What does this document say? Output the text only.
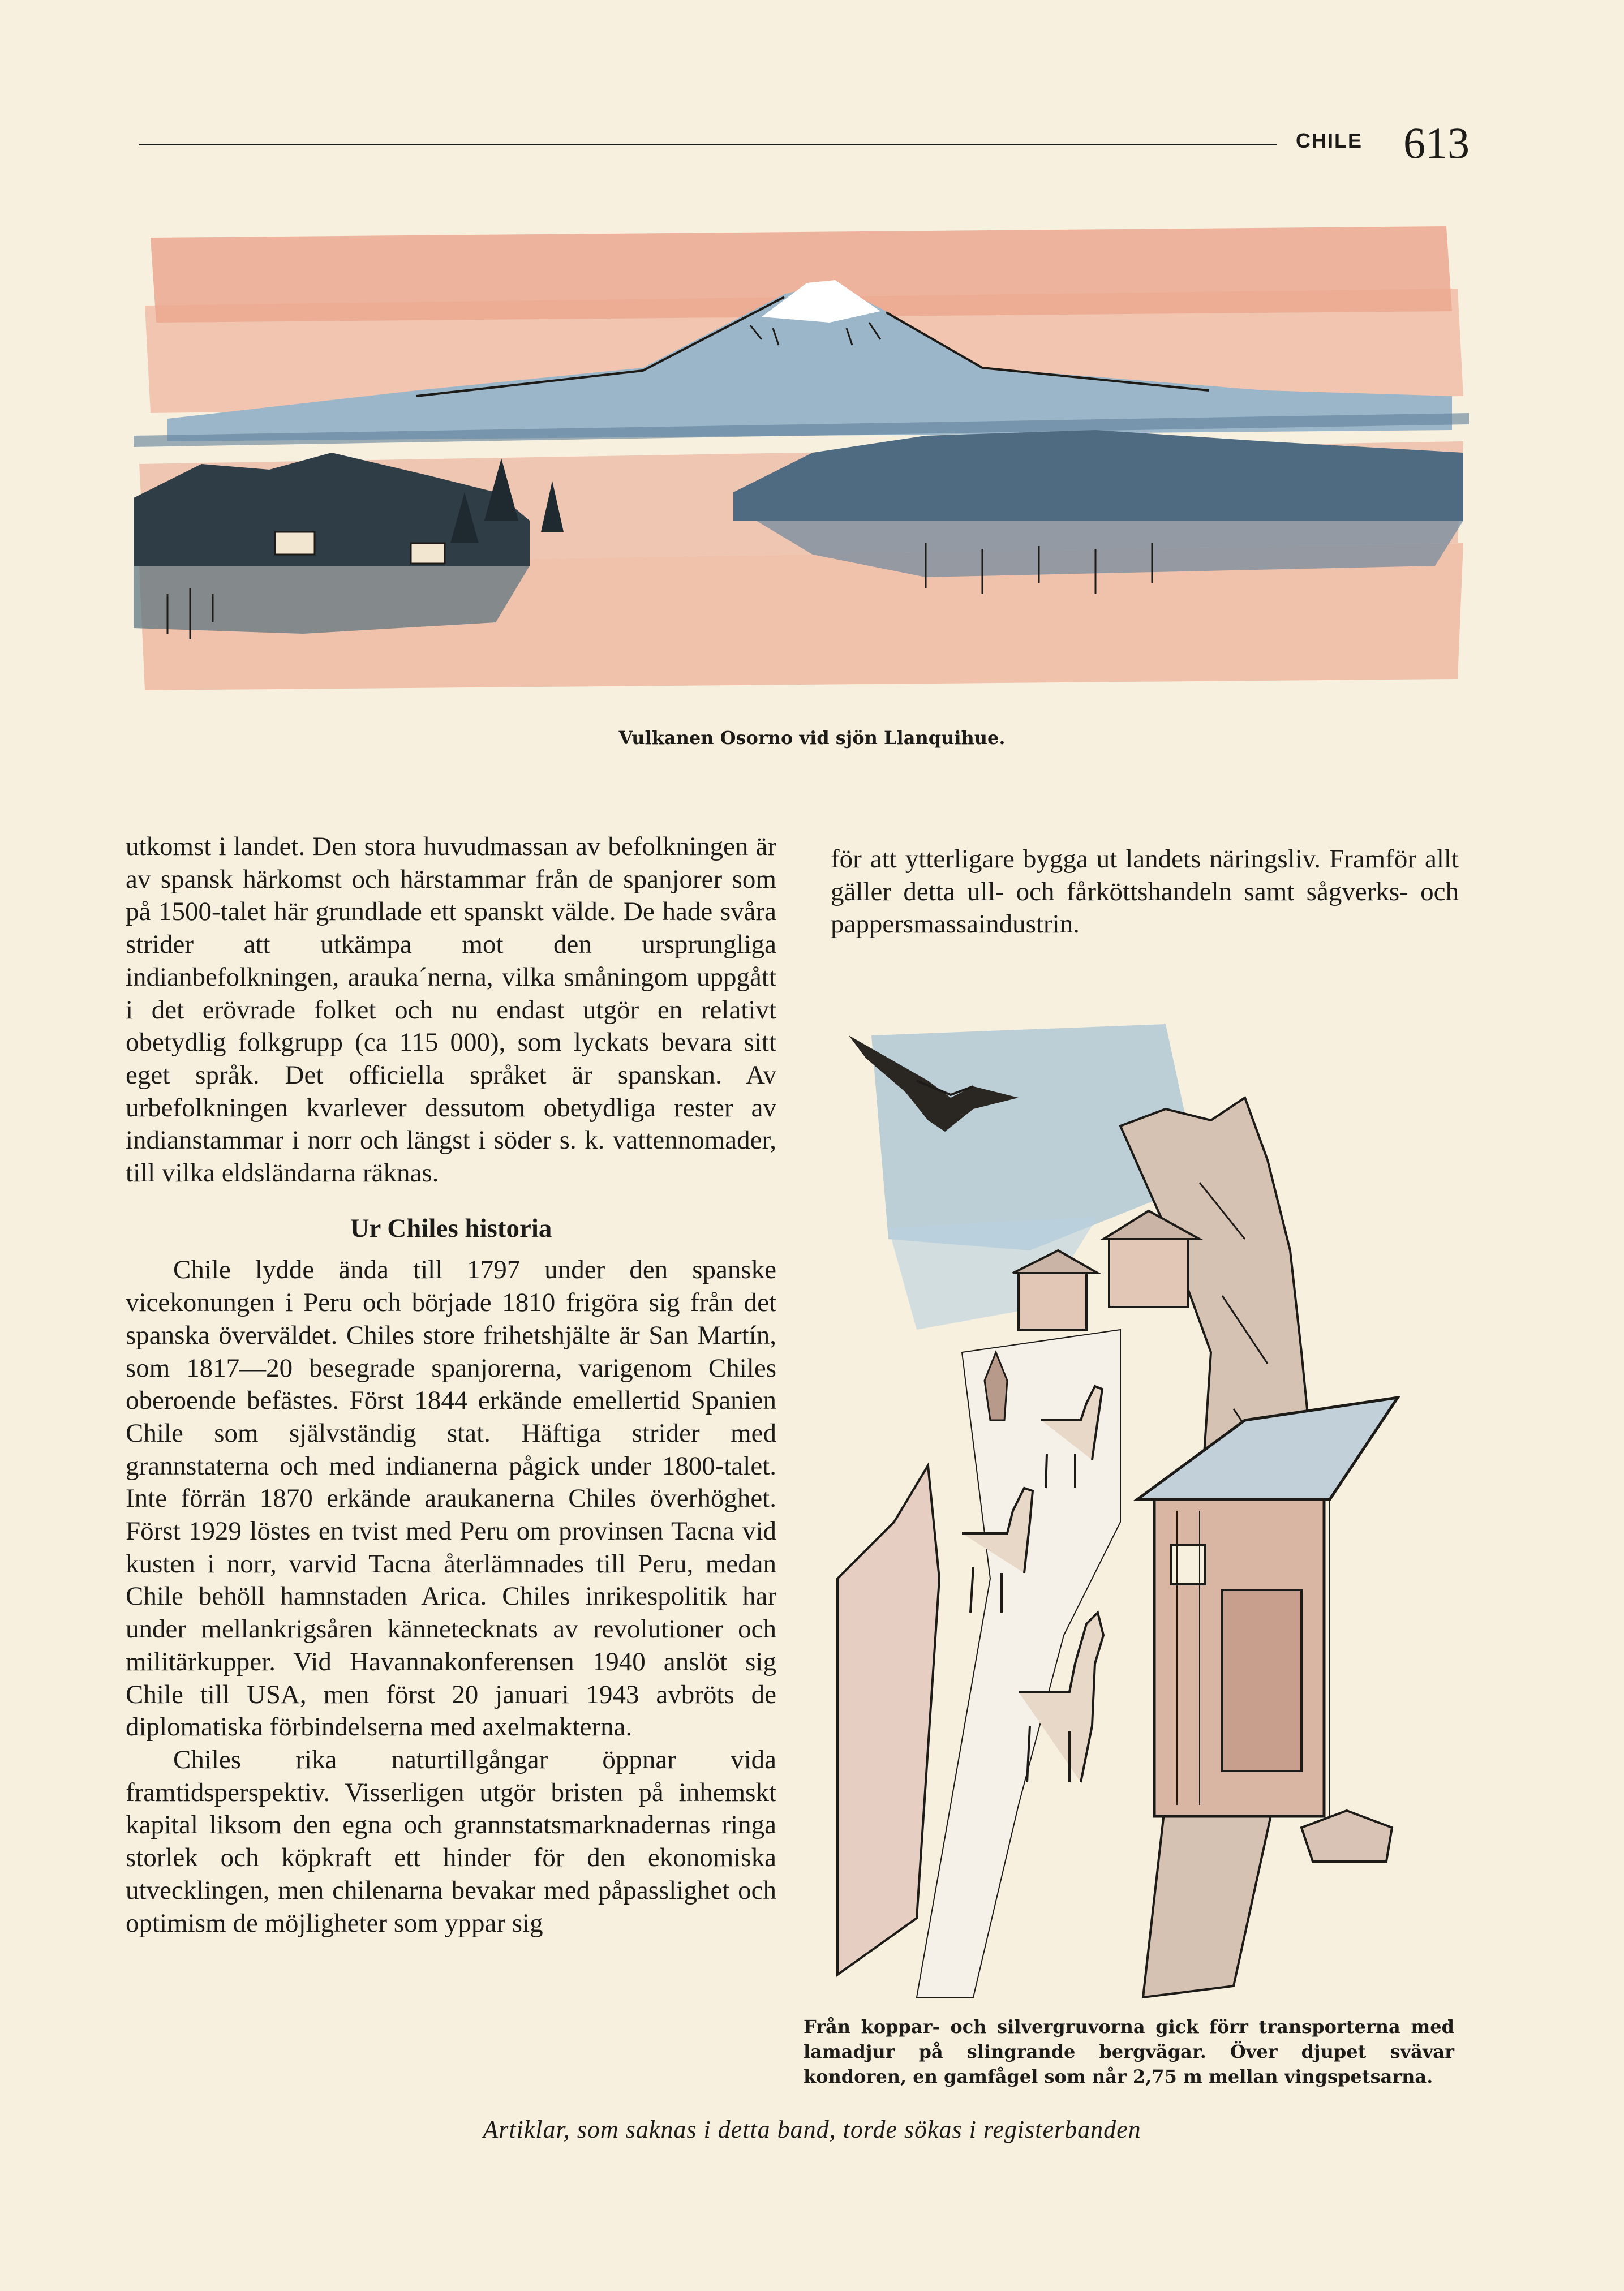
CHILE 613
Vulkanen Osorno vid sjön Llanquihue.

utkomst i landet. Den stora huvudmassan av befolkningen är av spansk härkomst och härstammar från de spanjorer som på 1500-talet här grundlade ett spanskt välde. De hade svåra strider att utkämpa mot den ursprungliga indianbefolkningen, arauka´nerna, vilka småningom uppgått i det erövrade folket och nu endast utgör en relativt obetydlig folkgrupp (ca 115 000), som lyckats bevara sitt eget språk. Det officiella språket är spanskan. Av urbefolkningen kvarlever dessutom obetydliga rester av indianstammar i norr och längst i söder s. k. vattennomader, till vilka eldsländarna räknas.

Ur Chiles historia

Chile lydde ända till 1797 under den spanske vicekonungen i Peru och började 1810 frigöra sig från det spanska överväldet. Chiles store frihetshjälte är San Martín, som 1817—20 besegrade spanjorerna, varigenom Chiles oberoende befästes. Först 1844 erkände emellertid Spanien Chile som självständig stat. Häftiga strider med grannstaterna och med indianerna pågick under 1800-talet. Inte förrän 1870 erkände araukanerna Chiles överhöghet. Först 1929 löstes en tvist med Peru om provinsen Tacna vid kusten i norr, varvid Tacna återlämnades till Peru, medan Chile behöll hamnstaden Arica. Chiles inrikespolitik har under mellankrigsåren kännetecknats av revolutioner och militärkupper. Vid Havannakonferensen 1940 anslöt sig Chile till USA, men först 20 januari 1943 avbröts de diplomatiska förbindelserna med axelmakterna.

Chiles rika naturtillgångar öppnar vida framtidsperspektiv. Visserligen utgör bristen på inhemskt kapital liksom den egna och grannstatsmarknadernas ringa storlek och köpkraft ett hinder för den ekonomiska utvecklingen, men chilenarna bevakar med påpasslighet och optimism de möjligheter som yppar sig

för att ytterligare bygga ut landets näringsliv. Framför allt gäller detta ull- och fårköttshandeln samt sågverks- och pappersmassaindustrin.

Från koppar- och silvergruvorna gick förr transporterna med lamadjur på slingrande bergvägar. Över djupet svävar kondoren, en gamfågel som når 2,75 m mellan vingspetsarna.
Artiklar, som saknas i detta band, torde sökas i registerbanden
